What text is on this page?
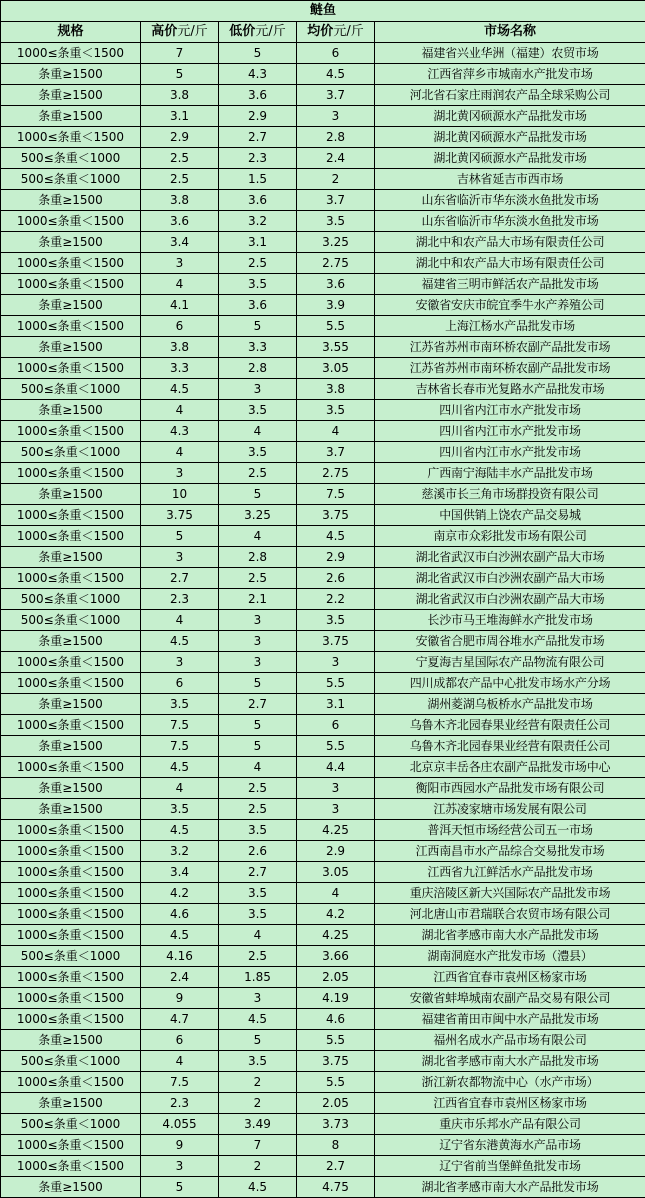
鲢鱼				
规格	高价元/斤	低价元/斤	均价元/斤	市场名称
1000≤条重＜1500	7	5	6	福建省兴业华洲（福建）农贸市场
条重≥1500	5	4.3	4.5	江西省萍乡市城南水产批发市场
条重≥1500	3.8	3.6	3.7	河北省石家庄雨润农产品全球采购公司
条重≥1500	3.1	2.9	3	湖北黄冈硕源水产品批发市场
1000≤条重＜1500	2.9	2.7	2.8	湖北黄冈硕源水产品批发市场
500≤条重＜1000	2.5	2.3	2.4	湖北黄冈硕源水产品批发市场
500≤条重＜1000	2.5	1.5	2	吉林省延吉市西市场
条重≥1500	3.8	3.6	3.7	山东省临沂市华东淡水鱼批发市场
1000≤条重＜1500	3.6	3.2	3.5	山东省临沂市华东淡水鱼批发市场
条重≥1500	3.4	3.1	3.25	湖北中和农产品大市场有限责任公司
1000≤条重＜1500	3	2.5	2.75	湖北中和农产品大市场有限责任公司
1000≤条重＜1500	4	3.5	3.6	福建省三明市鲜活农产品批发市场
条重≥1500	4.1	3.6	3.9	安徽省安庆市皖宜季牛水产养殖公司
1000≤条重＜1500	6	5	5.5	上海江杨水产品批发市场
条重≥1500	3.8	3.3	3.55	江苏省苏州市南环桥农副产品批发市场
1000≤条重＜1500	3.3	2.8	3.05	江苏省苏州市南环桥农副产品批发市场
500≤条重＜1000	4.5	3	3.8	吉林省长春市光复路水产品批发市场
条重≥1500	4	3.5	3.5	四川省内江市水产批发市场
1000≤条重＜1500	4.3	4	4	四川省内江市水产批发市场
500≤条重＜1000	4	3.5	3.7	四川省内江市水产批发市场
1000≤条重＜1500	3	2.5	2.75	广西南宁海陆丰水产品批发市场
条重≥1500	10	5	7.5	慈溪市长三角市场群投资有限公司
1000≤条重＜1500	3.75	3.25	3.75	中国供销上饶农产品交易城
1000≤条重＜1500	5	4	4.5	南京市众彩批发市场有限公司
条重≥1500	3	2.8	2.9	湖北省武汉市白沙洲农副产品大市场
1000≤条重＜1500	2.7	2.5	2.6	湖北省武汉市白沙洲农副产品大市场
500≤条重＜1000	2.3	2.1	2.2	湖北省武汉市白沙洲农副产品大市场
500≤条重＜1000	4	3	3.5	长沙市马王堆海鲜水产批发市场
条重≥1500	4.5	3	3.75	安徽省合肥市周谷堆水产品批发市场
1000≤条重＜1500	3	3	3	宁夏海吉星国际农产品物流有限公司
1000≤条重＜1500	6	5	5.5	四川成都农产品中心批发市场水产分场
条重≥1500	3.5	2.7	3.1	湖州菱湖乌板桥水产品批发市场
1000≤条重＜1500	7.5	5	6	乌鲁木齐北园春果业经营有限责任公司
条重≥1500	7.5	5	5.5	乌鲁木齐北园春果业经营有限责任公司
1000≤条重＜1500	4.5	4	4.4	北京京丰岳各庄农副产品批发市场中心
条重≥1500	4	2.5	3	衡阳市西园水产品批发市场有限公司
条重≥1500	3.5	2.5	3	江苏凌家塘市场发展有限公司
1000≤条重＜1500	4.5	3.5	4.25	普洱天恒市场经营公司五一市场
1000≤条重＜1500	3.2	2.6	2.9	江西南昌市水产品综合交易批发市场
1000≤条重＜1500	3.4	2.7	3.05	江西省九江鲜活水产品批发市场
1000≤条重＜1500	4.2	3.5	4	重庆涪陵区新大兴国际农产品批发市场
1000≤条重＜1500	4.6	3.5	4.2	河北唐山市君瑞联合农贸市场有限公司
1000≤条重＜1500	4.5	4	4.25	湖北省孝感市南大水产品批发市场
500≤条重＜1000	4.16	2.5	3.66	湖南洞庭水产批发市场（澧县）
1000≤条重＜1500	2.4	1.85	2.05	江西省宜春市袁州区杨家市场
1000≤条重＜1500	9	3	4.19	安徽省蚌埠城南农副产品交易有限公司
1000≤条重＜1500	4.7	4.5	4.6	福建省莆田市闽中水产品批发市场
条重≥1500	6	5	5.5	福州名成水产品市场有限公司
500≤条重＜1000	4	3.5	3.75	湖北省孝感市南大水产品批发市场
1000≤条重＜1500	7.5	2	5.5	浙江新农都物流中心（水产市场）
条重≥1500	2.3	2	2.05	江西省宜春市袁州区杨家市场
500≤条重＜1000	4.055	3.49	3.73	重庆市乐邦水产品有限公司
1000≤条重＜1500	9	7	8	辽宁省东港黄海水产品市场
1000≤条重＜1500	3	2	2.7	辽宁省前当堡鲜鱼批发市场
条重≥1500	5	4.5	4.75	湖北省孝感市南大水产品批发市场
